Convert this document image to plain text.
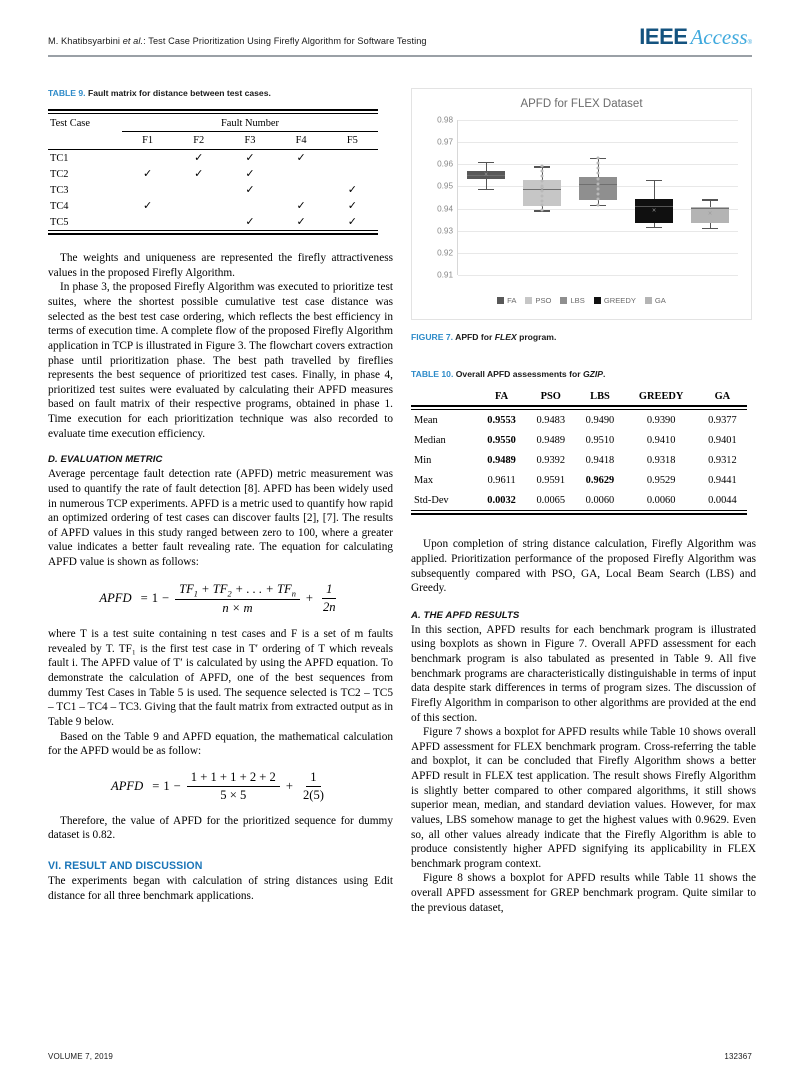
M. Khatibsyarbini et al.: Test Case Prioritization Using Firefly Algorithm for Software Testing	IEEE Access ®
TABLE 9. Fault matrix for distance between test cases.

Test Case	Fault Number				
	F1	F2	F3	F4	F5
TC1		✓	✓	✓	
TC2	✓	✓	✓		
TC3			✓		✓
TC4	✓			✓	✓
TC5			✓	✓	✓

The weights and uniqueness are represented the firefly attractiveness values in the proposed Firefly Algorithm.

In phase 3, the proposed Firefly Algorithm was executed to prioritize test suites, where the shortest possible cumulative test case distance was selected as the best test case ordering, which reflects the best efficiency in terms of execution time. A complete flow of the proposed Firefly Algorithm application in TCP is illustrated in Figure 3. The flowchart covers extraction phase until prioritization phase. The best path travelled by fireflies represents the best sequence of prioritized test cases. Finally, in phase 4, prioritized test suites were evaluated by calculating their APFD measures based on fault matrix of their respective programs, obtained in phase 1. Time execution for each prioritization technique was also recorded to evaluate time execution efficiency.

D. EVALUATION METRIC

Average percentage fault detection rate (APFD) metric measurement was used to quantify the rate of fault detection [8]. APFD has been widely used in numerous TCP experiments. APFD is a metric used to quantify how rapid an optimized ordering of test cases can discover faults [2], [7]. The results of APFD values in this study ranged between zero to 100, where a greater value indicates a better fault revealing rate. The equation for calculating APFD value is shown as follows:

APFD = $1 - \frac{TF_1 + TF_2 + . . . + TF_n}{n \times m} + \frac{1}{2n}$

where T is a test suite containing n test cases and F is a set of m faults revealed by T. TF₁ is the first test case in T′ ordering of T which reveals fault i. The APFD value of T′ is calculated by using the APFD equation. To demonstrate the calculation of APFD, one of the best sequences from dummy Test Cases in Table 5 is used. The sequence selected is TC2 – TC5 – TC1 – TC4 – TC3. Giving that the fault matrix from extracted output as in Table 9 below.

Based on the Table 9 and APFD equation, the mathematical calculation for the APFD would be as follow:

APFD = $1 - \frac{1 + 1 + 1 + 2 + 2}{5 \times 5} + \frac{1}{2(5)}$

Therefore, the value of APFD for the prioritized sequence for dummy dataset is 0.82.

VI. RESULT AND DISCUSSION

The experiments began with calculation of string distances using Edit distance for all three benchmark applications.

APFD for FLEX Dataset
0.98
0.97
0.96
0.95
0.94
0.93
0.92
0.91
×
×	×
FA	PSO	LBS	GREEDY	GA
FIGURE 7. APFD for FLEX program.
TABLE 10. Overall APFD assessments for GZIP.

	FA	PSO	LBS	GREEDY	GA
Mean	0.9553	0.9483	0.9490	0.9390	0.9377
Median	0.9550	0.9489	0.9510	0.9410	0.9401
Min	0.9489	0.9392	0.9418	0.9318	0.9312
Max	0.9611	0.9591	0.9629	0.9529	0.9441
Std-Dev	0.0032	0.0065	0.0060	0.0060	0.0044

Upon completion of string distance calculation, Firefly Algorithm was applied. Prioritization performance of the proposed Firefly Algorithm was subsequently compared with PSO, GA, Local Beam Search (LBS) and Greedy.

A. THE APFD RESULTS

In this section, APFD results for each benchmark program is illustrated using boxplots as shown in Figure 7. Overall APFD assessment for each benchmark program is also tabulated as presented in Table 9. All five benchmark programs are characteristically distinguishable in terms of input data despite stark differences in terms of program sizes. The discussion of Firefly Algorithm in comparison to other algorithms are provided at the end of this section.

Figure 7 shows a boxplot for APFD results while Table 10 shows overall APFD assessment for FLEX benchmark program. Cross-referring the table and boxplot, it can be concluded that Firefly Algorithm shows a better APFD result in FLEX test application. The result shows Firefly Algorithm is slightly better compared to other compared algorithms, it still shows superior mean, median, and standard deviation values. However, for max values, LBS somehow manage to get the highest values with 0.9629. Even so, all other values already indicate that the Firefly Algorithm is able to produce consistently higher APFD signifying its applicability in FLEX benchmark program context.

Figure 8 shows a boxplot for APFD results while Table 11 shows the overall APFD assessment for GREP benchmark program. Quite similar to the previous dataset,

VOLUME 7, 2019	132367
